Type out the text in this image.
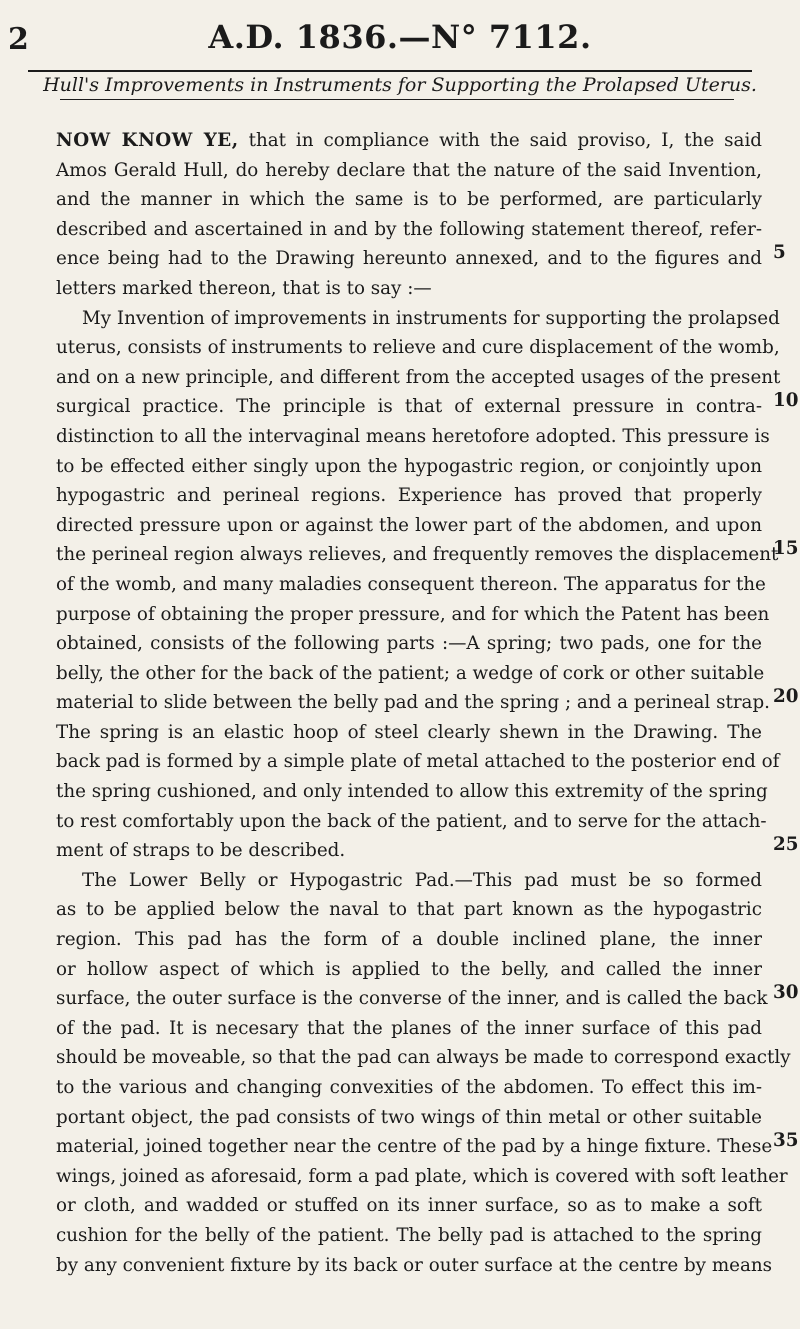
2	A.D. 1836.—N° 7112.
Hull's Improvements in Instruments for Supporting the Prolapsed Uterus.
NOW KNOW YE, that in compliance with the said proviso, I, the said
Amos Gerald Hull, do hereby declare that the nature of the said Invention,
and the manner in which the same is to be performed, are particularly
described and ascertained in and by the following statement thereof, refer-
ence being had to the Drawing hereunto annexed, and to the figures and
letters marked thereon, that is to say :—
My Invention of improvements in instruments for supporting the prolapsed
uterus, consists of instruments to relieve and cure displacement of the womb,
and on a new principle, and different from the accepted usages of the present
surgical practice. The principle is that of external pressure in contra-
distinction to all the intervaginal means heretofore adopted. This pressure is
to be effected either singly upon the hypogastric region, or conjointly upon
hypogastric and perineal regions. Experience has proved that properly
directed pressure upon or against the lower part of the abdomen, and upon
the perineal region always relieves, and frequently removes the displacement
of the womb, and many maladies consequent thereon. The apparatus for the
purpose of obtaining the proper pressure, and for which the Patent has been
obtained, consists of the following parts :—A spring; two pads, one for the
belly, the other for the back of the patient; a wedge of cork or other suitable
material to slide between the belly pad and the spring ; and a perineal strap.
The spring is an elastic hoop of steel clearly shewn in the Drawing. The
back pad is formed by a simple plate of metal attached to the posterior end of
the spring cushioned, and only intended to allow this extremity of the spring
to rest comfortably upon the back of the patient, and to serve for the attach-
ment of straps to be described.
The Lower Belly or Hypogastric Pad.—This pad must be so formed
as to be applied below the naval to that part known as the hypogastric
region. This pad has the form of a double inclined plane, the inner
or hollow aspect of which is applied to the belly, and called the inner
surface, the outer surface is the converse of the inner, and is called the back
of the pad. It is necesary that the planes of the inner surface of this pad
should be moveable, so that the pad can always be made to correspond exactly
to the various and changing convexities of the abdomen. To effect this im-
portant object, the pad consists of two wings of thin metal or other suitable
material, joined together near the centre of the pad by a hinge fixture. These
wings, joined as aforesaid, form a pad plate, which is covered with soft leather
or cloth, and wadded or stuffed on its inner surface, so as to make a soft
cushion for the belly of the patient. The belly pad is attached to the spring
by any convenient fixture by its back or outer surface at the centre by means
5
10
15
20
25
30
35
